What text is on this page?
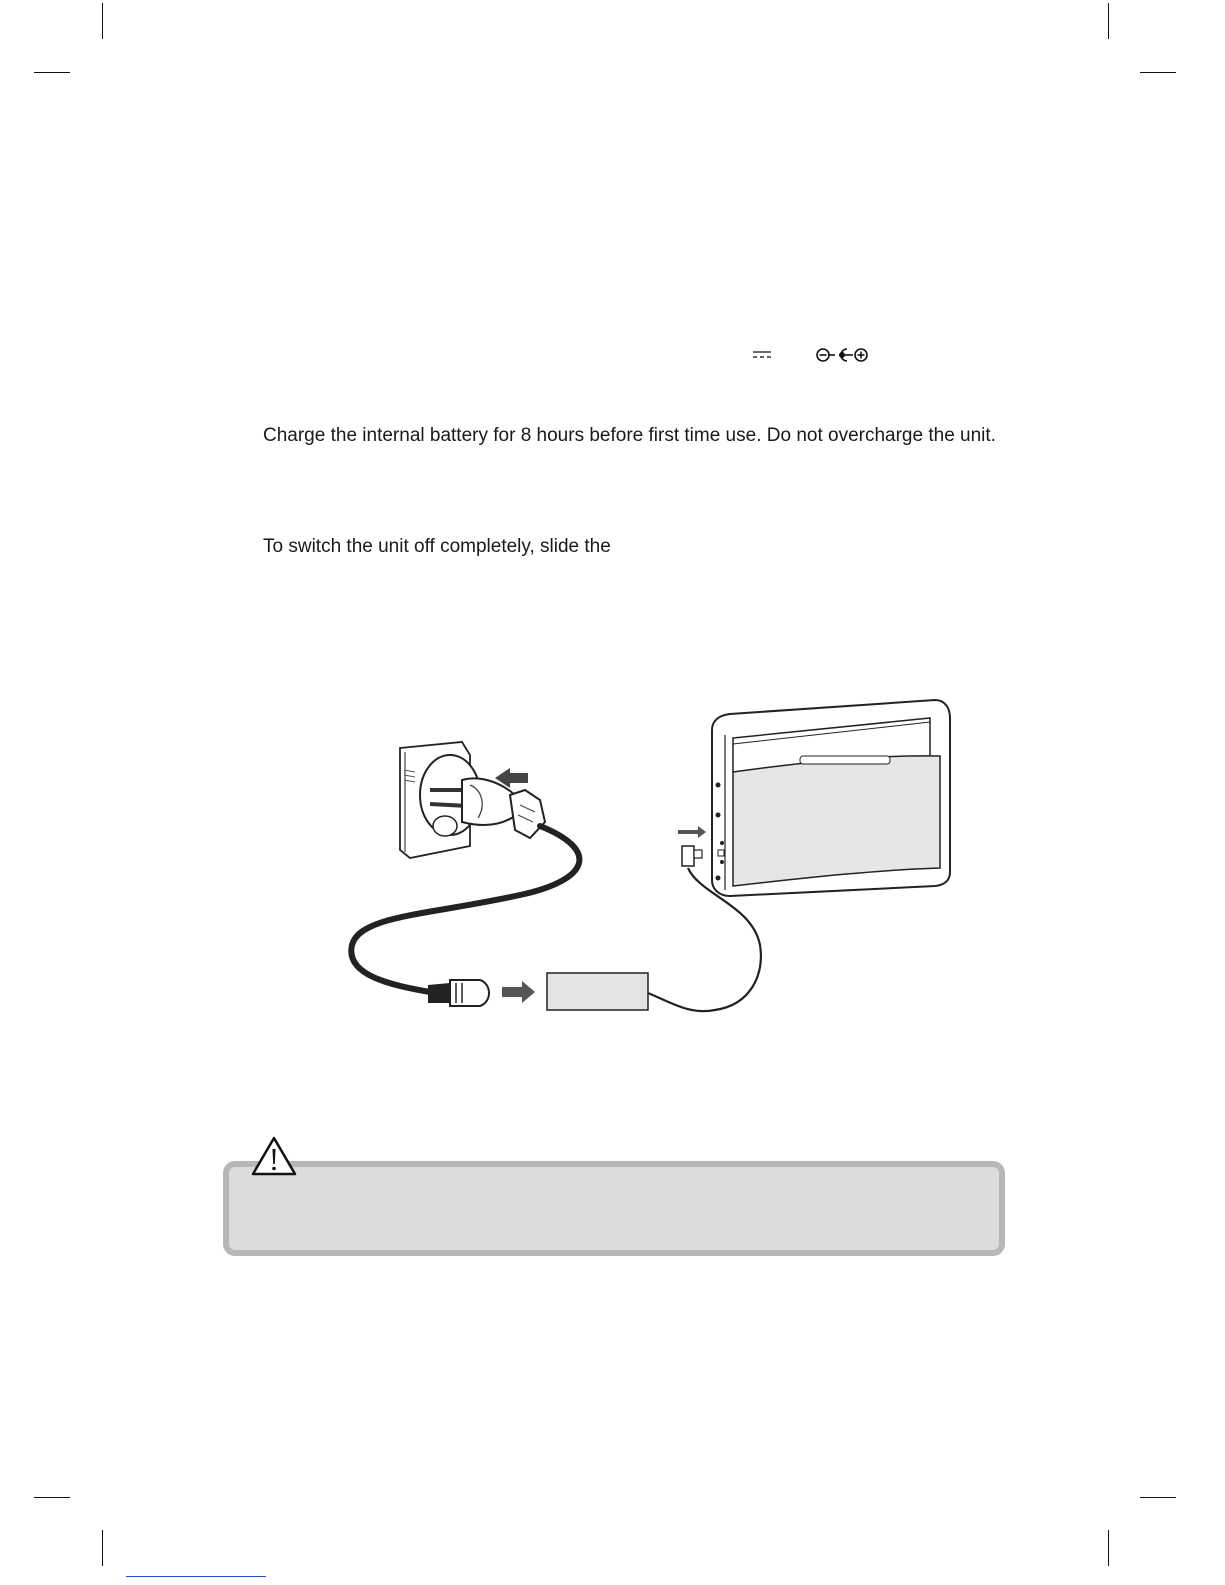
Charge the internal battery for 8 hours before first time use. Do not overcharge the unit.
To switch the unit off completely, slide the
